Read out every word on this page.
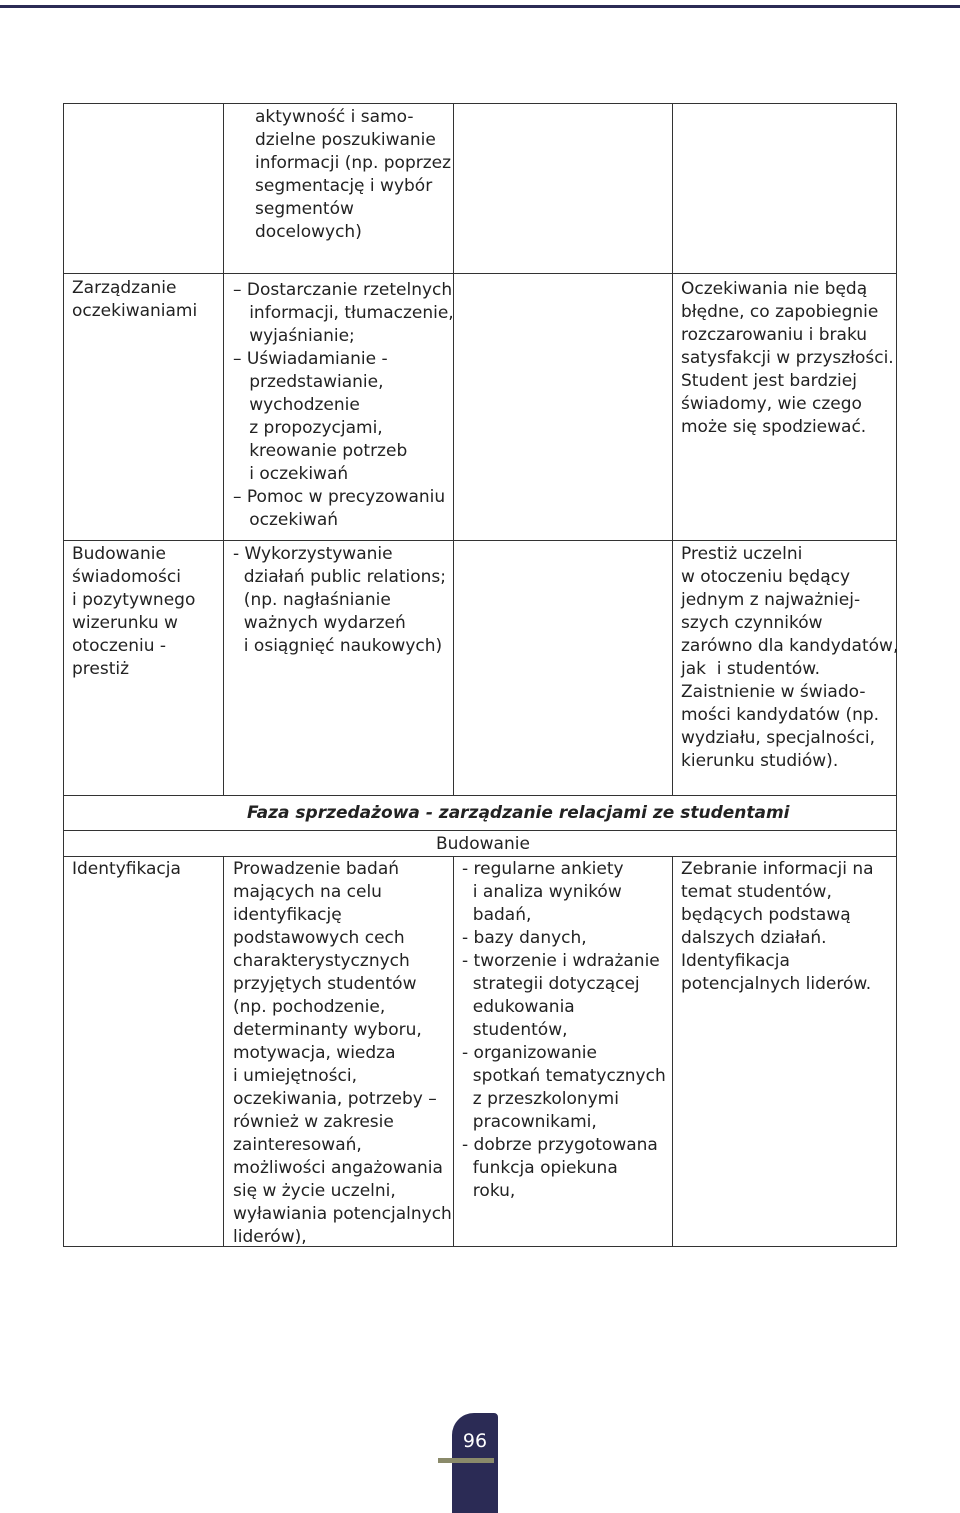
aktywność i samo-
dzielne poszukiwanie
informacji (np. poprzez
segmentację i wybór
segmentów
docelowych)
Zarządzanie
oczekiwaniami
– Dostarczanie rzetelnych
informacji, tłumaczenie,
wyjaśnianie;
– Uświadamianie -
przedstawianie,
wychodzenie
z propozycjami,
kreowanie potrzeb
i oczekiwań
– Pomoc w precyzowaniu
oczekiwań
Oczekiwania nie będą
błędne, co zapobiegnie
rozczarowaniu i braku
satysfakcji w przyszłości.
Student jest bardziej
świadomy, wie czego
może się spodziewać.
Budowanie
świadomości
i pozytywnego
wizerunku w
otoczeniu -
prestiż
- Wykorzystywanie
działań public relations;
(np. nagłaśnianie
ważnych wydarzeń
i osiągnięć naukowych)
Prestiż uczelni
w otoczeniu będący
jednym z najważniej-
szych czynników
zarówno dla kandydatów,
jak  i studentów.
Zaistnienie w świado-
mości kandydatów (np.
wydziału, specjalności,
kierunku studiów).
Faza sprzedażowa - zarządzanie relacjami ze studentami
Budowanie
Identyfikacja	Prowadzenie badań
mających na celu
identyfikację
podstawowych cech
charakterystycznych
przyjętych studentów
(np. pochodzenie,
determinanty wyboru,
motywacja, wiedza
i umiejętności,
oczekiwania, potrzeby –
również w zakresie
zainteresowań,
możliwości angażowania
się w życie uczelni,
wyławiania potencjalnych
liderów),
- regularne ankiety
i analiza wyników
badań,
- bazy danych,
- tworzenie i wdrażanie
strategii dotyczącej
edukowania
studentów,
- organizowanie
spotkań tematycznych
z przeszkolonymi
pracownikami,
- dobrze przygotowana
funkcja opiekuna
roku,
Zebranie informacji na
temat studentów,
będących podstawą
dalszych działań.
Identyfikacja
potencjalnych liderów.
96
